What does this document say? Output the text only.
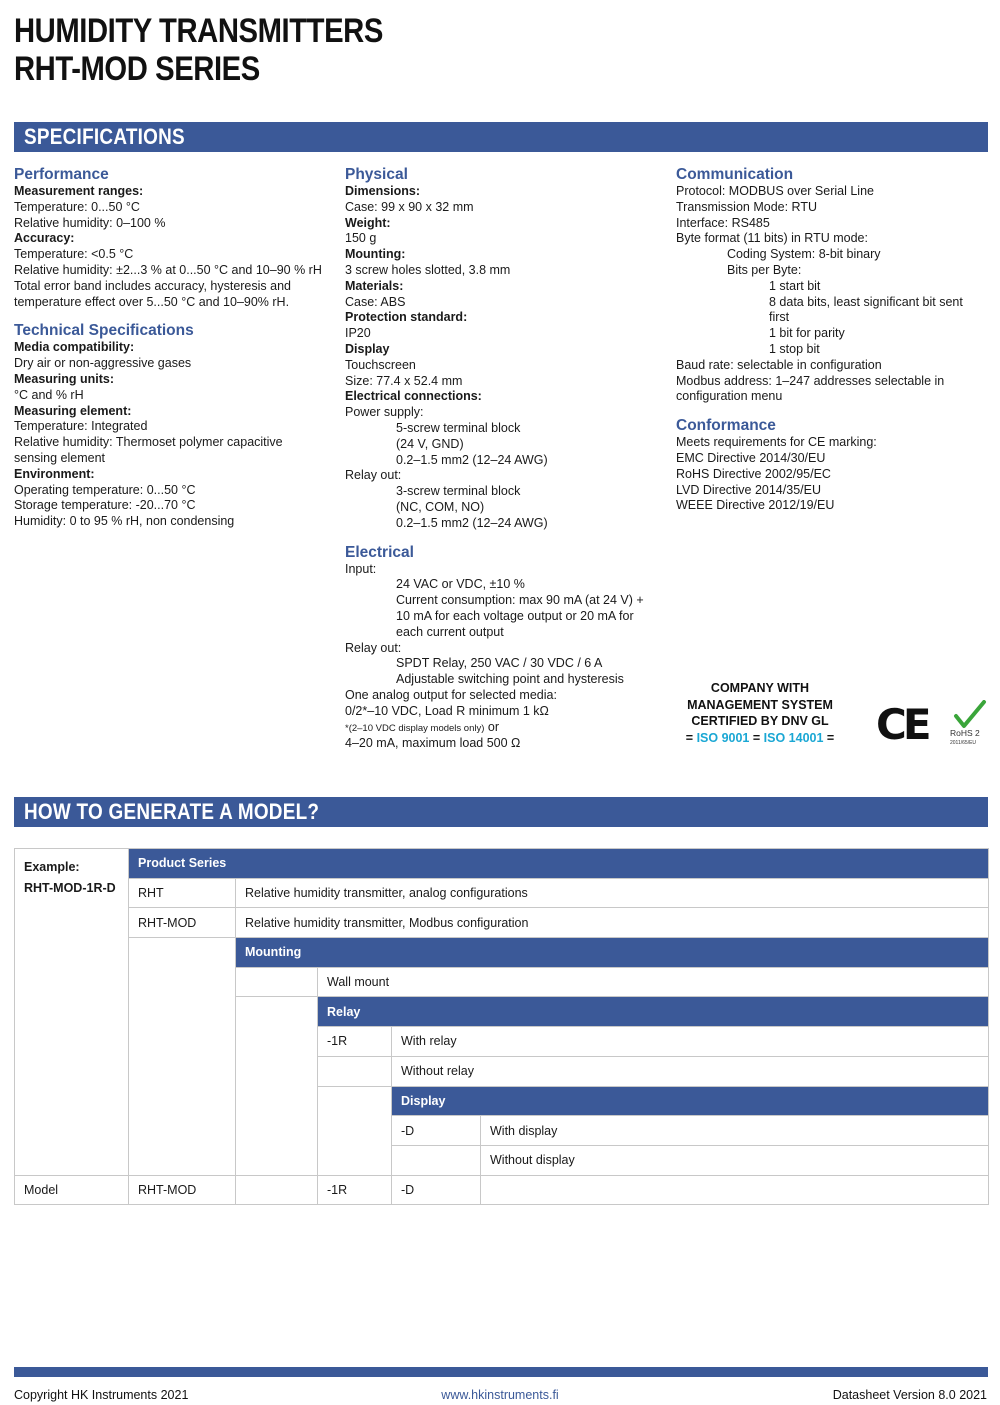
HUMIDITY TRANSMITTERS
RHT-MOD SERIES
SPECIFICATIONS
Performance
Measurement ranges:
Temperature: 0...50 °C
Relative humidity: 0–100 %
Accuracy:
Temperature: <0.5 °C
Relative humidity: ±2...3 % at 0...50 °C and 10–90 % rH
Total error band includes accuracy, hysteresis and
temperature effect over 5...50 °C and 10–90% rH.
Technical Specifications
Media compatibility:
Dry air or non-aggressive gases
Measuring units:
°C and % rH
Measuring element:
Temperature: Integrated
Relative humidity: Thermoset polymer capacitive
sensing element
Environment:
Operating temperature: 0...50 °C
Storage temperature: -20...70 °C
Humidity: 0 to 95 % rH, non condensing
Physical
Dimensions:
Case: 99 x 90 x 32 mm
Weight:
150 g
Mounting:
3 screw holes slotted, 3.8 mm
Materials:
Case: ABS
Protection standard:
IP20
Display
Touchscreen
Size: 77.4 x 52.4 mm
Electrical connections:
Power supply:
5-screw terminal block
(24 V, GND)
0.2–1.5 mm2 (12–24 AWG)
Relay out:
3-screw terminal block
(NC, COM, NO)
0.2–1.5 mm2 (12–24 AWG)
Electrical
Input:
24 VAC or VDC, ±10 %
Current consumption: max 90 mA (at 24 V) +
10 mA for each voltage output or 20 mA for
each current output
Relay out:
SPDT Relay, 250 VAC / 30 VDC / 6 A
Adjustable switching point and hysteresis
One analog output for selected media:
0/2*–10 VDC, Load R minimum 1 kΩ
*(2–10 VDC display models only) or
4–20 mA, maximum load 500 Ω
Communication
Protocol: MODBUS over Serial Line
Transmission Mode: RTU
Interface: RS485
Byte format (11 bits) in RTU mode:
Coding System: 8-bit binary
Bits per Byte:
1 start bit
8 data bits, least significant bit sent
first
1 bit for parity
1 stop bit
Baud rate: selectable in configuration
Modbus address: 1–247 addresses selectable in
configuration menu
Conformance
Meets requirements for CE marking:
EMC Directive 2014/30/EU
RoHS Directive 2002/95/EC
LVD Directive 2014/35/EU
WEEE Directive 2012/19/EU
COMPANY WITH
MANAGEMENT SYSTEM
CERTIFIED BY DNV GL
= ISO 9001 = ISO 14001 = CE	RoHS 2
2011/65/EU
HOW TO GENERATE A MODEL?
Example:
RHT-MOD-1R-D	Product Series				
	RHT	Relative humidity transmitter, analog configurations			
	RHT-MOD	Relative humidity transmitter, Modbus configuration			
		Mounting			
			Wall mount		
			Relay		
			-1R	With relay	
				Without relay	
				Display	
				-D	With display
					Without display
Model	RHT-MOD		-1R	-D	
Copyright HK Instruments 2021	www.hkinstruments.fi	Datasheet Version 8.0 2021
